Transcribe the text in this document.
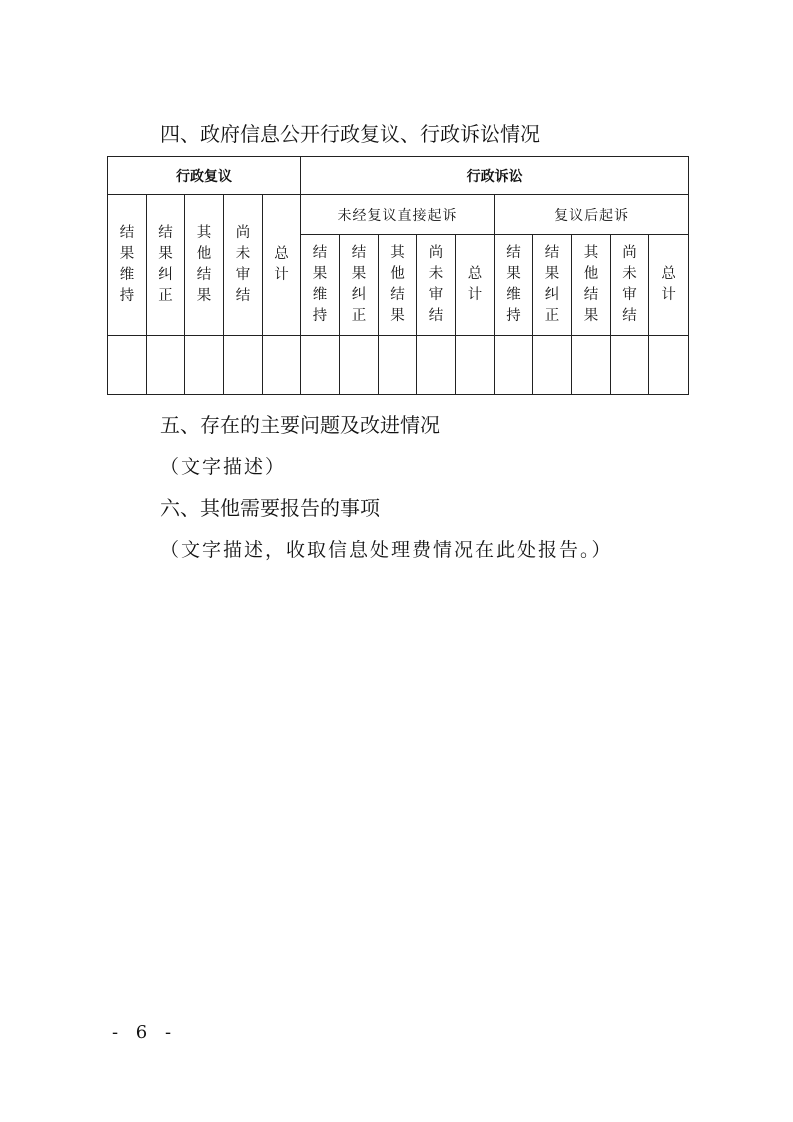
四、政府信息公开行政复议、行政诉讼情况
行政复议					行政诉讼									
结果维持	结果纠正	其他结果	尚未审结	总计	未经复议直接起诉					复议后起诉				
					结果维持	结果纠正	其他结果	尚未审结	总计	结果维持	结果纠正	其他结果	尚未审结	总计

五、存在的主要问题及改进情况
（文字描述）
六、其他需要报告的事项
（文字描述，收取信息处理费情况在此处报告。）
- 6 -
